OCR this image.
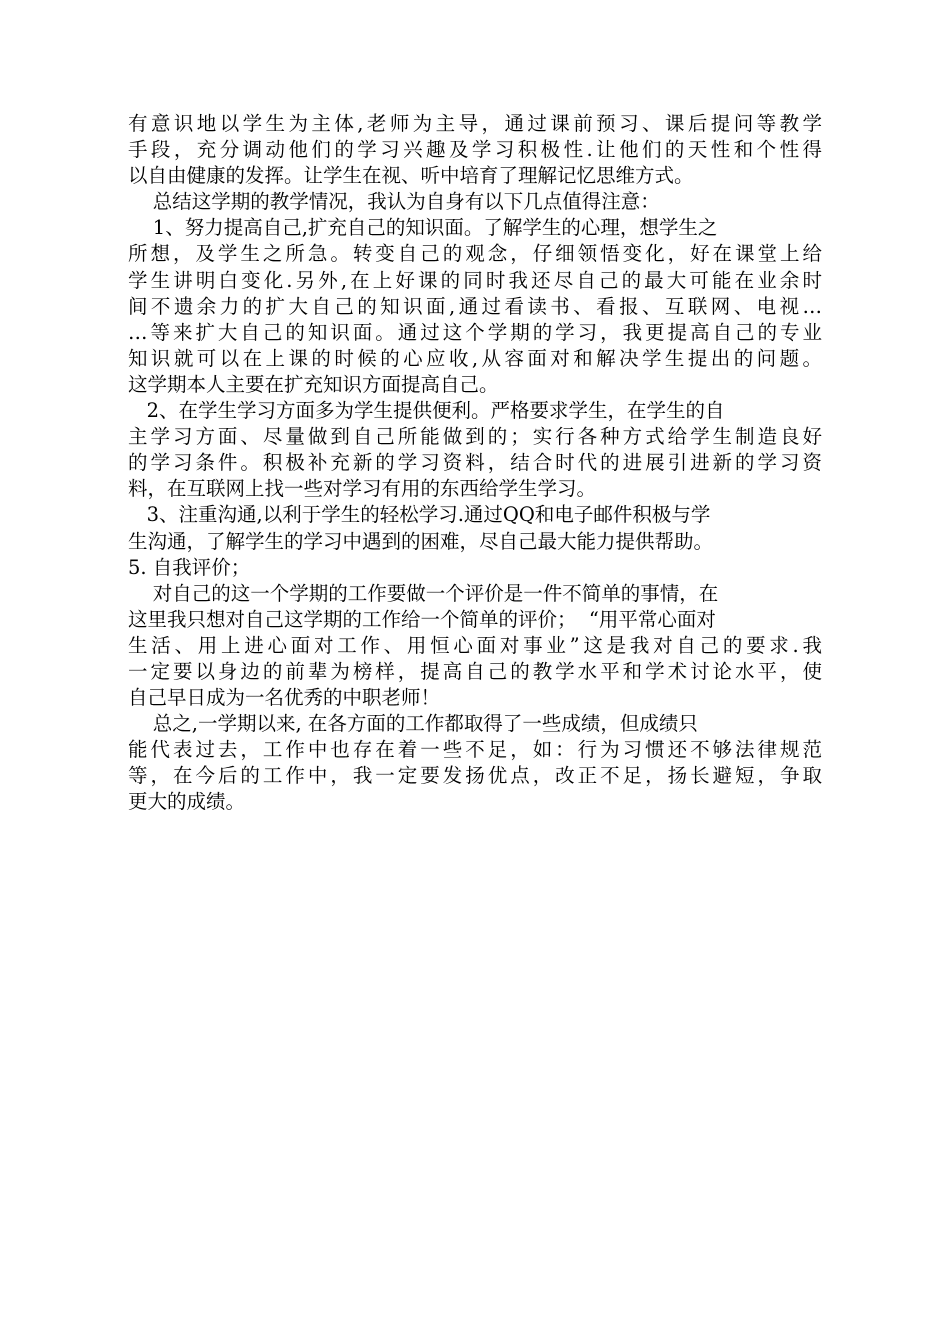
有意识地以学生为主体,老师为主导，通过课前预习、课后提问等教学
手段，充分调动他们的学习兴趣及学习积极性.让他们的天性和个性得
以自由健康的发挥。让学生在视、听中培育了理解记忆思维方式。
总结这学期的教学情况，我认为自身有以下几点值得注意：
1、努力提高自己,扩充自己的知识面。了解学生的心理，想学生之
所想，及学生之所急。转变自己的观念，仔细领悟变化，好在课堂上给
学生讲明白变化.另外,在上好课的同时我还尽自己的最大可能在业余时
间不遗余力的扩大自己的知识面,通过看读书、看报、互联网、电视…
…等来扩大自己的知识面。通过这个学期的学习，我更提高自己的专业
知识就可以在上课的时候的心应收,从容面对和解决学生提出的问题。
这学期本人主要在扩充知识方面提高自己。
2、在学生学习方面多为学生提供便利。严格要求学生，在学生的自
主学习方面、尽量做到自己所能做到的；实行各种方式给学生制造良好
的学习条件。积极补充新的学习资料，结合时代的进展引进新的学习资
料，在互联网上找一些对学习有用的东西给学生学习。
3、注重沟通,以利于学生的轻松学习.通过QQ和电子邮件积极与学
生沟通，了解学生的学习中遇到的困难，尽自己最大能力提供帮助。
5. 自我评价；
对自己的这一个学期的工作要做一个评价是一件不简单的事情，在
这里我只想对自己这学期的工作给一个简单的评价；  “用平常心面对
生活、用上进心面对工作、用恒心面对事业”这是我对自己的要求.我
一定要以身边的前辈为榜样，提高自己的教学水平和学术讨论水平，使
自己早日成为一名优秀的中职老师！
总之,一学期以来, 在各方面的工作都取得了一些成绩，但成绩只
能代表过去，工作中也存在着一些不足，如：行为习惯还不够法律规范
等，在今后的工作中，我一定要发扬优点，改正不足，扬长避短，争取
更大的成绩。
